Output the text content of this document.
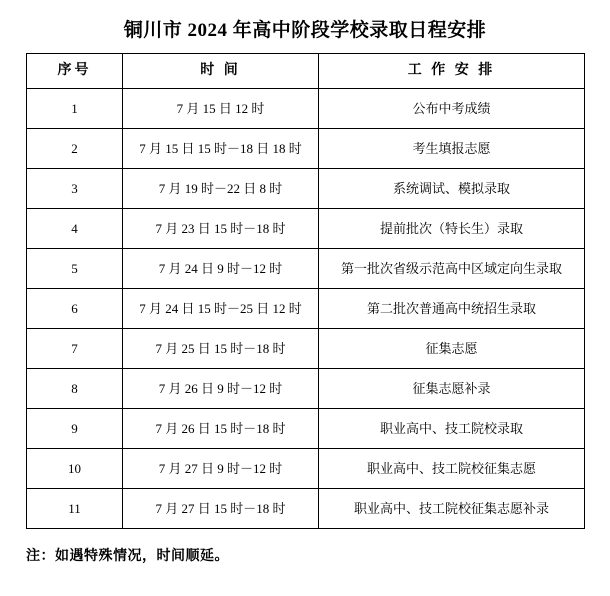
铜川市 2024 年高中阶段学校录取日程安排
序号	时 间	工 作 安 排
1	7 月 15 日 12 时	公布中考成绩
2	7 月 15 日 15 时－18 日 18 时	考生填报志愿
3	7 月 19 时－22 日 8 时	系统调试、模拟录取
4	7 月 23 日 15 时－18 时	提前批次（特长生）录取
5	7 月 24 日 9 时－12 时	第一批次省级示范高中区域定向生录取
6	7 月 24 日 15 时－25 日 12 时	第二批次普通高中统招生录取
7	7 月 25 日 15 时－18 时	征集志愿
8	7 月 26 日 9 时－12 时	征集志愿补录
9	7 月 26 日 15 时－18 时	职业高中、技工院校录取
10	7 月 27 日 9 时－12 时	职业高中、技工院校征集志愿
11	7 月 27 日 15 时－18 时	职业高中、技工院校征集志愿补录
注：如遇特殊情况，时间顺延。
